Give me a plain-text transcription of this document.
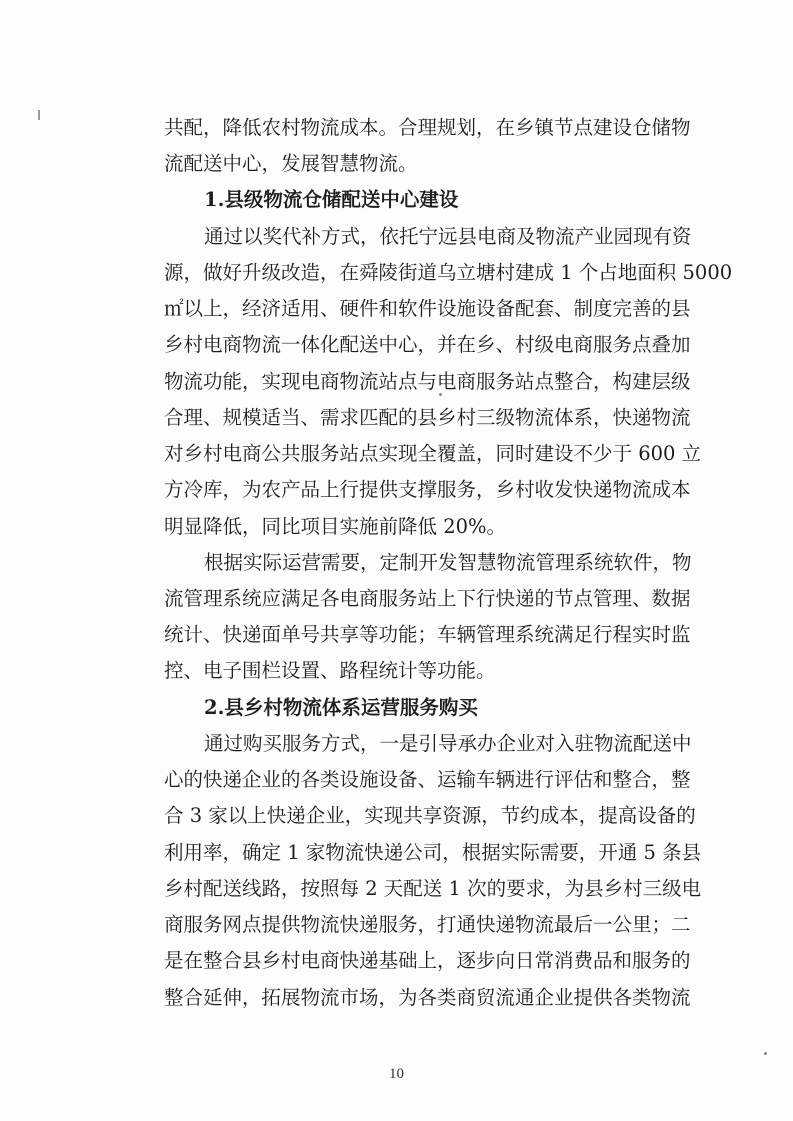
共配，降低农村物流成本。合理规划，在乡镇节点建设仓储物
流配送中心，发展智慧物流。
1.县级物流仓储配送中心建设
通过以奖代补方式，依托宁远县电商及物流产业园现有资
源，做好升级改造，在舜陵街道乌立塘村建成 1 个占地面积 5000
㎡以上，经济适用、硬件和软件设施设备配套、制度完善的县
乡村电商物流一体化配送中心，并在乡、村级电商服务点叠加
物流功能，实现电商物流站点与电商服务站点整合，构建层级
合理、规模适当、需求匹配的县乡村三级物流体系，快递物流
对乡村电商公共服务站点实现全覆盖，同时建设不少于 600 立
方冷库，为农产品上行提供支撑服务，乡村收发快递物流成本
明显降低，同比项目实施前降低 20%。
根据实际运营需要，定制开发智慧物流管理系统软件，物
流管理系统应满足各电商服务站上下行快递的节点管理、数据
统计、快递面单号共享等功能；车辆管理系统满足行程实时监
控、电子围栏设置、路程统计等功能。
2.县乡村物流体系运营服务购买
通过购买服务方式，一是引导承办企业对入驻物流配送中
心的快递企业的各类设施设备、运输车辆进行评估和整合，整
合 3 家以上快递企业，实现共享资源，节约成本，提高设备的
利用率，确定 1 家物流快递公司，根据实际需要，开通 5 条县
乡村配送线路，按照每 2 天配送 1 次的要求，为县乡村三级电
商服务网点提供物流快递服务，打通快递物流最后一公里；二
是在整合县乡村电商快递基础上，逐步向日常消费品和服务的
整合延伸，拓展物流市场，为各类商贸流通企业提供各类物流
10
